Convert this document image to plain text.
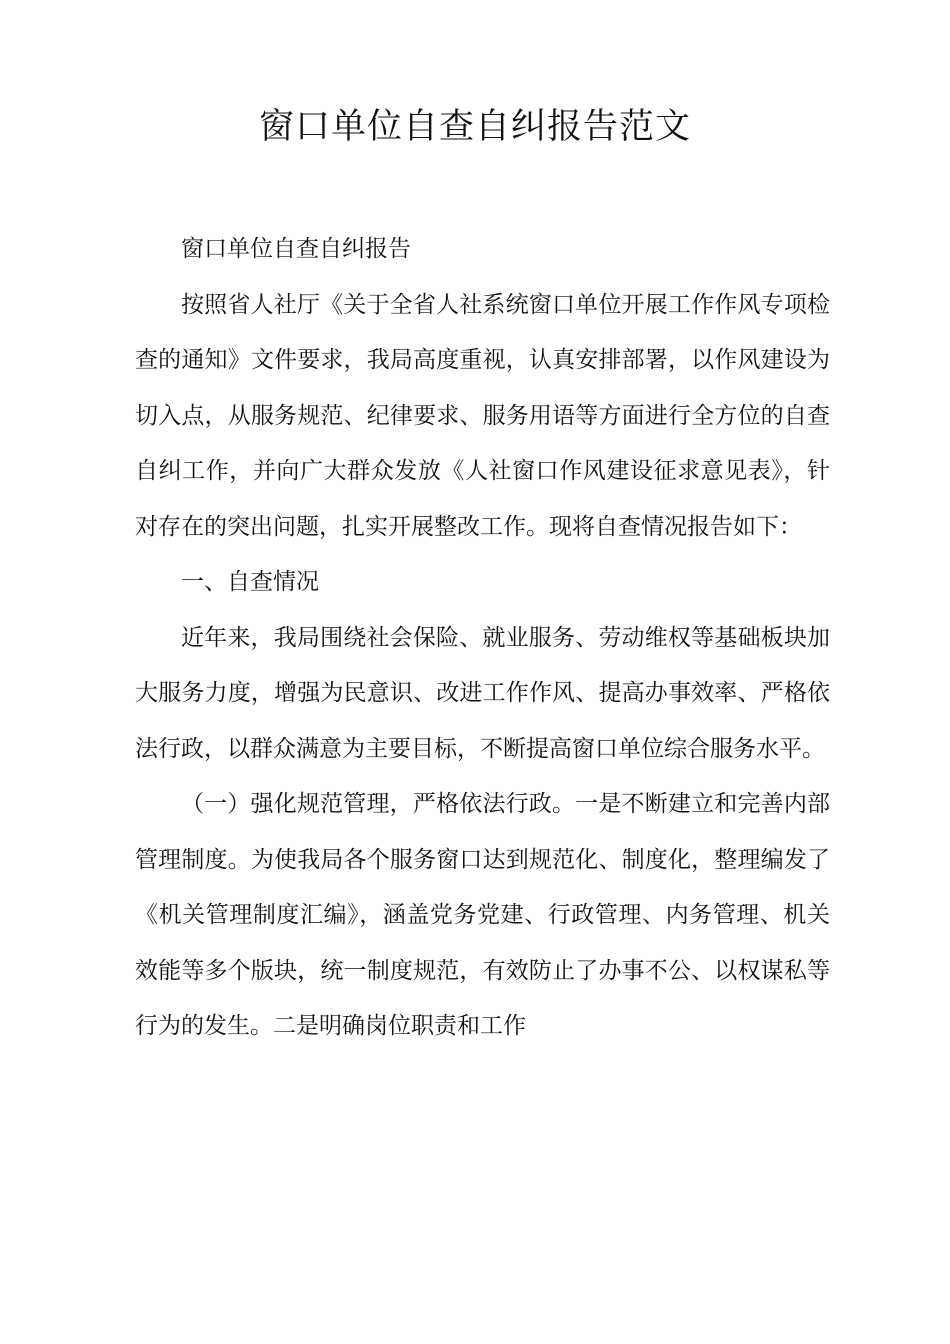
窗口单位自查自纠报告范文

窗口单位自查自纠报告

按照省人社厅《关于全省人社系统窗口单位开展工作作风专项检查的通知》文件要求，我局高度重视，认真安排部署，以作风建设为切入点，从服务规范、纪律要求、服务用语等方面进行全方位的自查自纠工作，并向广大群众发放《人社窗口作风建设征求意见表》，针对存在的突出问题，扎实开展整改工作。现将自查情况报告如下：

一、自查情况

近年来，我局围绕社会保险、就业服务、劳动维权等基础板块加大服务力度，增强为民意识、改进工作作风、提高办事效率、严格依法行政，以群众满意为主要目标，不断提高窗口单位综合服务水平。

（一）强化规范管理，严格依法行政。一是不断建立和完善内部管理制度。为使我局各个服务窗口达到规范化、制度化，整理编发了《机关管理制度汇编》，涵盖党务党建、行政管理、内务管理、机关效能等多个版块，统一制度规范，有效防止了办事不公、以权谋私等行为的发生。二是明确岗位职责和工作
